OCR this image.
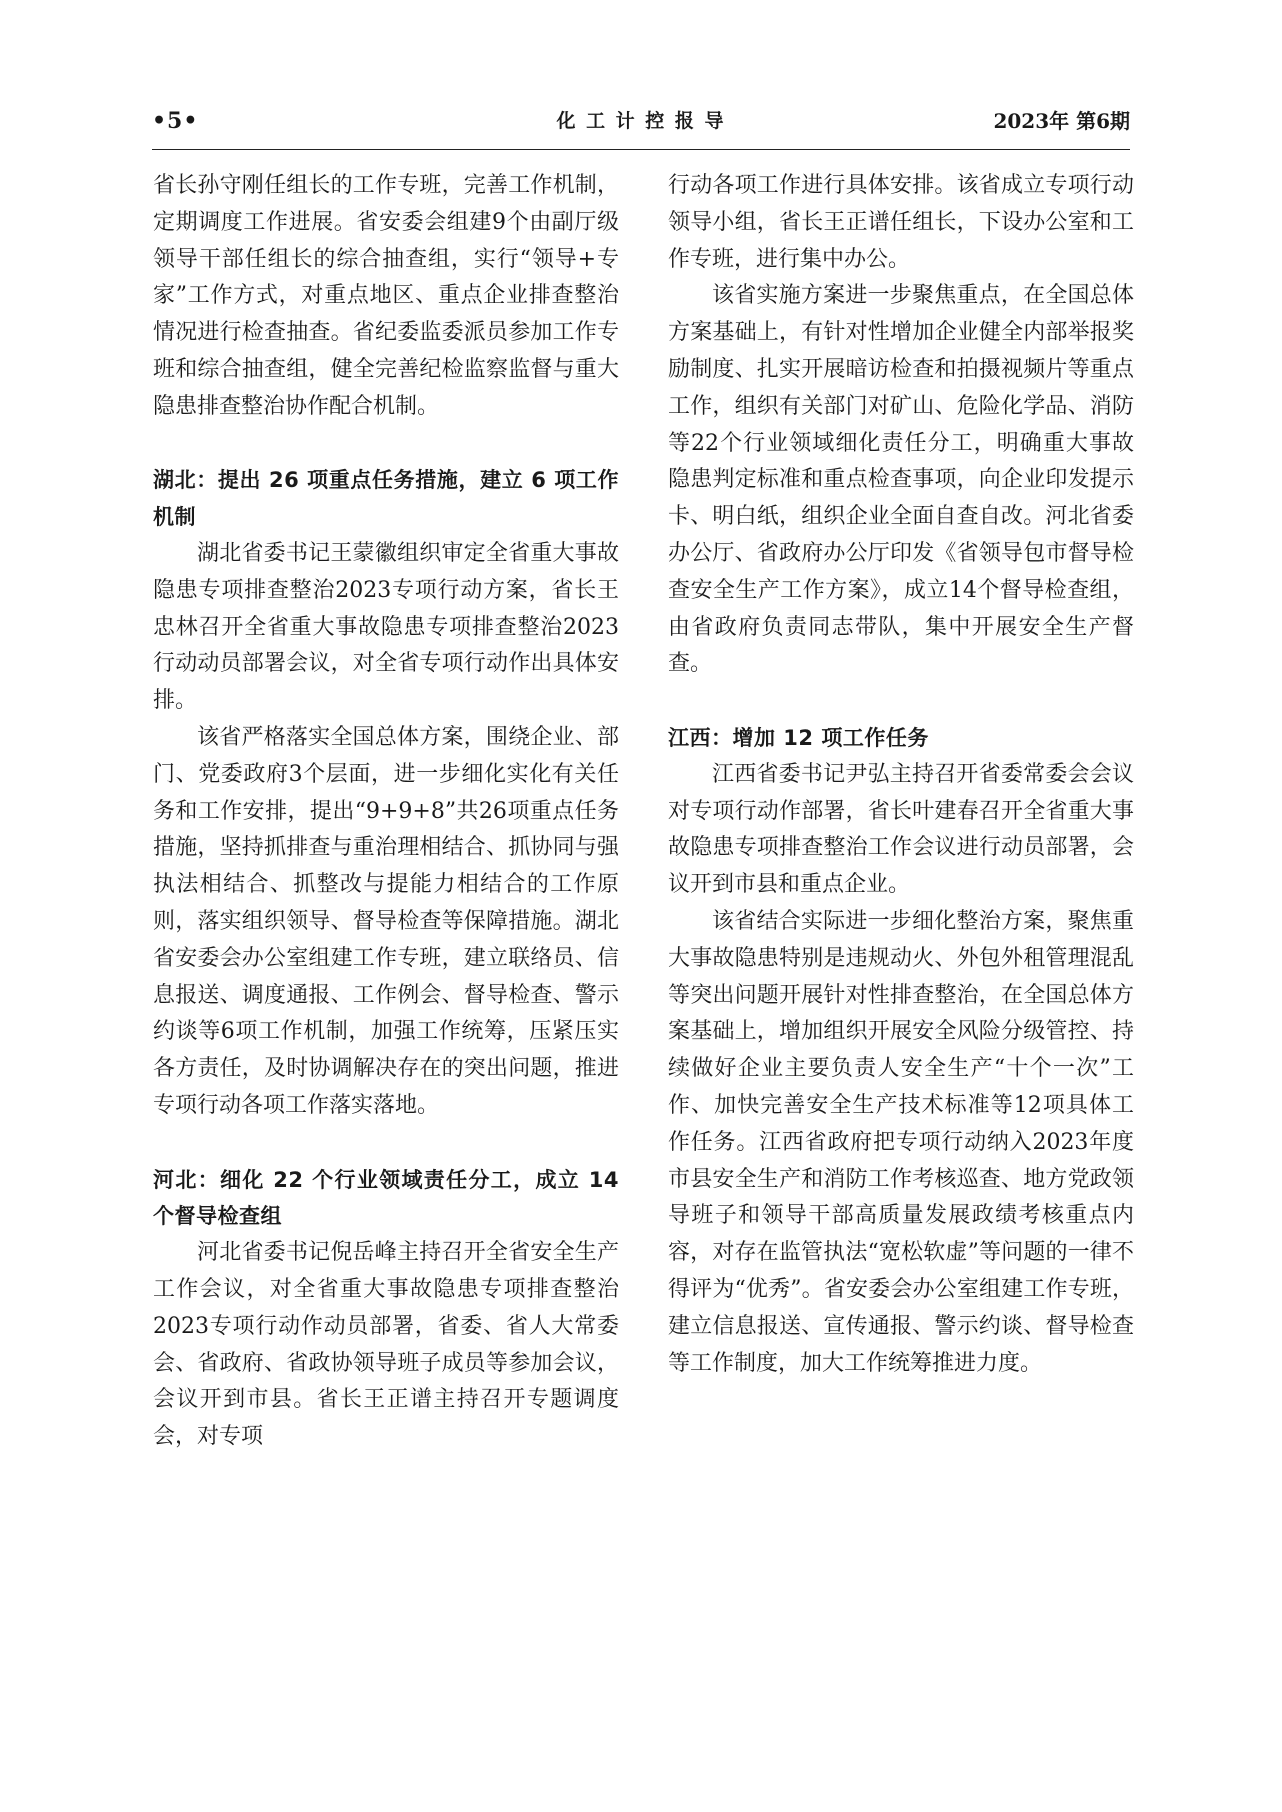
•5•	化 工 计 控 报 导	2023年 第6期

省长孙守刚任组长的工作专班，完善工作机制，定期调度工作进展。省安委会组建9个由副厅级领导干部任组长的综合抽查组，实行“领导+专家”工作方式，对重点地区、重点企业排查整治情况进行检查抽查。省纪委监委派员参加工作专班和综合抽查组，健全完善纪检监察监督与重大隐患排查整治协作配合机制。

湖北：提出 26 项重点任务措施，建立 6 项工作机制

湖北省委书记王蒙徽组织审定全省重大事故隐患专项排查整治2023专项行动方案，省长王忠林召开全省重大事故隐患专项排查整治2023行动动员部署会议，对全省专项行动作出具体安排。

该省严格落实全国总体方案，围绕企业、部门、党委政府3个层面，进一步细化实化有关任务和工作安排，提出“9+9+8”共26项重点任务措施，坚持抓排查与重治理相结合、抓协同与强执法相结合、抓整改与提能力相结合的工作原则，落实组织领导、督导检查等保障措施。湖北省安委会办公室组建工作专班，建立联络员、信息报送、调度通报、工作例会、督导检查、警示约谈等6项工作机制，加强工作统筹，压紧压实各方责任，及时协调解决存在的突出问题，推进专项行动各项工作落实落地。

河北：细化 22 个行业领域责任分工，成立 14 个督导检查组

河北省委书记倪岳峰主持召开全省安全生产工作会议，对全省重大事故隐患专项排查整治2023专项行动作动员部署，省委、省人大常委会、省政府、省政协领导班子成员等参加会议，会议开到市县。省长王正谱主持召开专题调度会，对专项

行动各项工作进行具体安排。该省成立专项行动领导小组，省长王正谱任组长，下设办公室和工作专班，进行集中办公。

该省实施方案进一步聚焦重点，在全国总体方案基础上，有针对性增加企业健全内部举报奖励制度、扎实开展暗访检查和拍摄视频片等重点工作，组织有关部门对矿山、危险化学品、消防等22个行业领域细化责任分工，明确重大事故隐患判定标准和重点检查事项，向企业印发提示卡、明白纸，组织企业全面自查自改。河北省委办公厅、省政府办公厅印发《省领导包市督导检查安全生产工作方案》，成立14个督导检查组，由省政府负责同志带队，集中开展安全生产督查。

江西：增加 12 项工作任务

江西省委书记尹弘主持召开省委常委会会议对专项行动作部署，省长叶建春召开全省重大事故隐患专项排查整治工作会议进行动员部署，会议开到市县和重点企业。

该省结合实际进一步细化整治方案，聚焦重大事故隐患特别是违规动火、外包外租管理混乱等突出问题开展针对性排查整治，在全国总体方案基础上，增加组织开展安全风险分级管控、持续做好企业主要负责人安全生产“十个一次”工作、加快完善安全生产技术标准等12项具体工作任务。江西省政府把专项行动纳入2023年度市县安全生产和消防工作考核巡查、地方党政领导班子和领导干部高质量发展政绩考核重点内容，对存在监管执法“宽松软虚”等问题的一律不得评为“优秀”。省安委会办公室组建工作专班，建立信息报送、宣传通报、警示约谈、督导检查等工作制度，加大工作统筹推进力度。
